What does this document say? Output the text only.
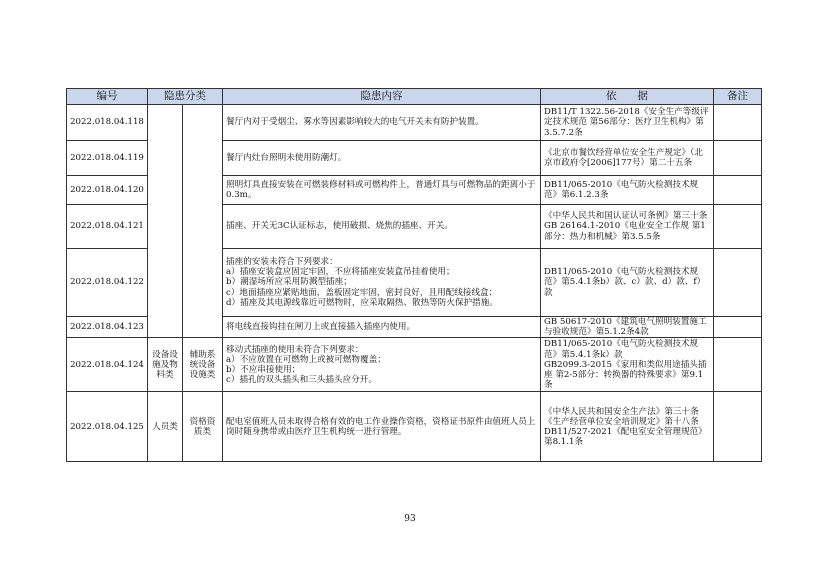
编号	隐患分类		隐患内容	依　　据	备注
2022.018.04.118			餐厅内对于受烟尘、雾水等因素影响较大的电气开关未有防护装置。	DB11/T 1322.56-2018《安全生产等级评定技术规范 第56部分：医疗卫生机构》第3.5.7.2条	

2022.018.04.119			餐厅内灶台照明未使用防潮灯。	《北京市餐饮经营单位安全生产规定》（北京市政府令[2006]177号）第二十五条	

2022.018.04.120			照明灯具直接安装在可燃装修材料或可燃构件上，普通灯具与可燃物品的距离小于0.3m。	DB11/065-2010《电气防火检测技术规范》第6.1.2.3条	

2022.018.04.121			插座、开关无3C认证标志，使用破损、烧焦的插座、开关。	《中华人民共和国认证认可条例》第三十条
GB 26164.1-2010《电业安全工作规 第1部分：热力和机械》第3.5.5条	

2022.018.04.122			插座的安装未符合下列要求：
a）插座安装盒应固定牢固，不应将插座安装盒吊挂着使用；
b）潮湿场所应采用防溅型插座；
c）地面插座应紧贴地面，盖板固定牢固，密封良好，且用配线接线盒；
d）插座及其电源线靠近可燃物时，应采取隔热、散热等防火保护措施。	DB11/065-2010《电气防火检测技术规范》第5.4.1条b）款、c）款、d）款、f）款	

2022.018.04.123			将电线直接钩挂在闸刀上或直接插入插座内使用。	GB 50617-2010《建筑电气照明装置施工与验收规范》第5.1.2条4款	

2022.018.04.124	设备设施及物料类	辅助系统设备设施类	移动式插座的使用未符合下列要求：
a）不应放置在可燃物上或被可燃物覆盖；
b）不应串接使用；
c）插孔的双头插头和三头插头应分开。	DB11/065-2010《电气防火检测技术规范》第5.4.1条k）款
GB2099.3-2015《家用和类似用途插头插座 第2-5部分：转换器的特殊要求》第9.1条	

2022.018.04.125	人员类	资格资质类	配电室值班人员未取得合格有效的电工作业操作资格，资格证书原件由值班人员上岗时随身携带或由医疗卫生机构统一进行管理。	《中华人民共和国安全生产法》第三十条
《生产经营单位安全培训规定》第十八条
DB11/527-2021《配电室安全管理规范》第8.1.1条	

93
